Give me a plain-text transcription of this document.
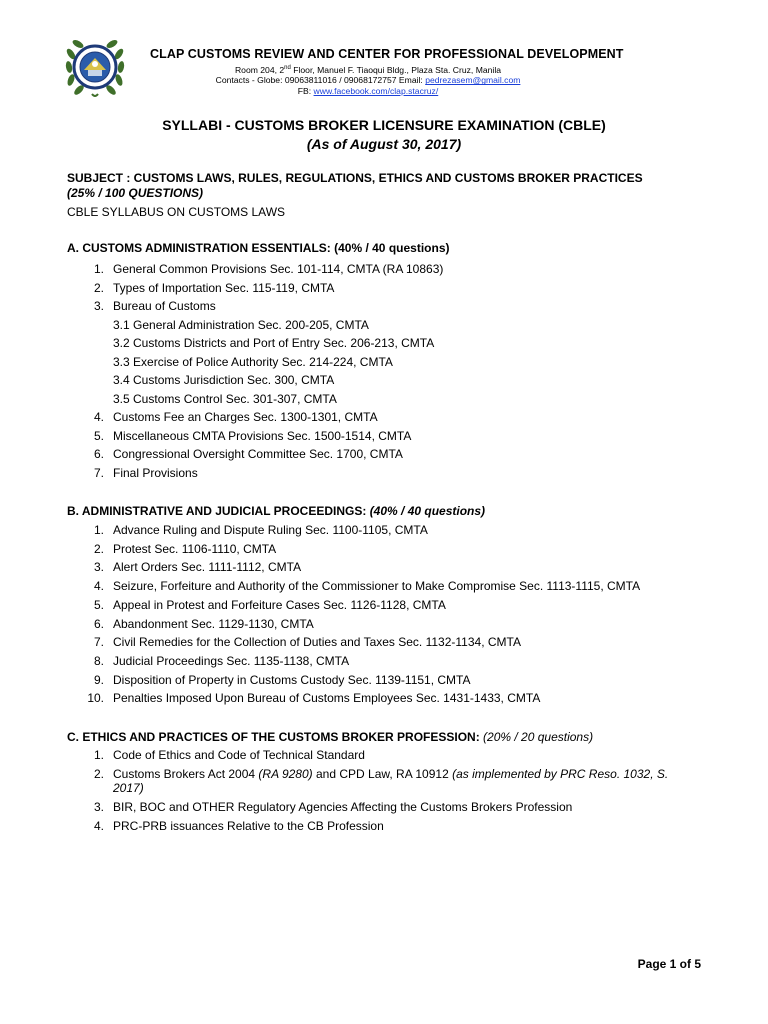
CLAP CUSTOMS REVIEW AND CENTER FOR PROFESSIONAL DEVELOPMENT
Room 204, 2nd Floor, Manuel F. Tiaoqui Bldg., Plaza Sta. Cruz, Manila
Contacts - Globe: 09063811016 / 09068172757 Email: pedrezasem@gmail.com
FB: www.facebook.com/clap.stacruz/
SYLLABI - CUSTOMS BROKER LICENSURE EXAMINATION (CBLE)
(As of August 30, 2017)
SUBJECT : CUSTOMS LAWS, RULES, REGULATIONS, ETHICS AND CUSTOMS BROKER PRACTICES
(25% / 100 QUESTIONS)
CBLE SYLLABUS ON CUSTOMS LAWS
A. CUSTOMS ADMINISTRATION ESSENTIALS: (40% / 40 questions)
1. General Common Provisions Sec. 101-114, CMTA (RA 10863)
2. Types of Importation Sec. 115-119, CMTA
3. Bureau of Customs
3.1 General Administration Sec. 200-205, CMTA
3.2 Customs Districts and Port of Entry Sec. 206-213, CMTA
3.3 Exercise of Police Authority Sec. 214-224, CMTA
3.4 Customs Jurisdiction Sec. 300, CMTA
3.5 Customs Control Sec. 301-307, CMTA
4. Customs Fee an Charges Sec. 1300-1301, CMTA
5. Miscellaneous CMTA Provisions Sec. 1500-1514, CMTA
6. Congressional Oversight Committee Sec. 1700, CMTA
7. Final Provisions
B. ADMINISTRATIVE AND JUDICIAL PROCEEDINGS: (40% / 40 questions)
1. Advance Ruling and Dispute Ruling Sec. 1100-1105, CMTA
2. Protest Sec. 1106-1110, CMTA
3. Alert Orders Sec. 1111-1112, CMTA
4. Seizure, Forfeiture and Authority of the Commissioner to Make Compromise Sec. 1113-1115, CMTA
5. Appeal in Protest and Forfeiture Cases Sec. 1126-1128, CMTA
6. Abandonment Sec. 1129-1130, CMTA
7. Civil Remedies for the Collection of Duties and Taxes Sec. 1132-1134, CMTA
8. Judicial Proceedings Sec. 1135-1138, CMTA
9. Disposition of Property in Customs Custody Sec. 1139-1151, CMTA
10. Penalties Imposed Upon Bureau of Customs Employees Sec. 1431-1433, CMTA
C. ETHICS AND PRACTICES OF THE CUSTOMS BROKER PROFESSION: (20% / 20 questions)
1. Code of Ethics and Code of Technical Standard
2. Customs Brokers Act 2004 (RA 9280) and CPD Law, RA 10912 (as implemented by PRC Reso. 1032, S.
2017)
3. BIR, BOC and OTHER Regulatory Agencies Affecting the Customs Brokers Profession
4. PRC-PRB issuances Relative to the CB Profession
Page 1 of 5
